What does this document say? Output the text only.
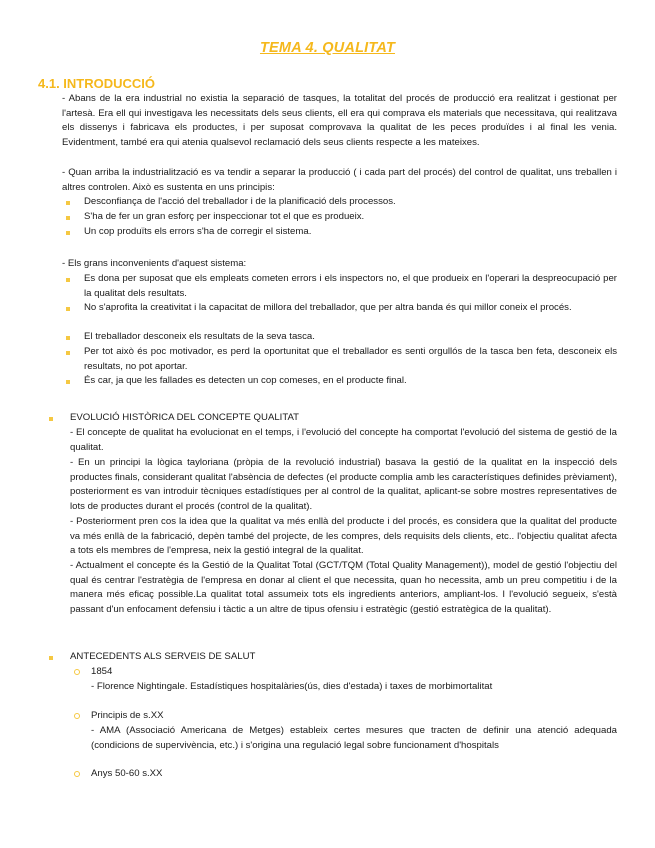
TEMA 4. QUALITAT
4.1. INTRODUCCIÓ
- Abans de la era industrial no existia la separació de tasques, la totalitat del procés de producció era realitzat i gestionat per l'artesà. Era ell qui investigava les necessitats dels seus clients, ell era qui comprava els materials que necessitava, qui realitzava els dissenys i fabricava els productes, i per suposat comprovava la qualitat de les peces produïdes i al final les venia. Evidentment, també era qui atenia qualsevol reclamació dels seus clients respecte a les mateixes.
- Quan arriba la industrialització es va tendir a separar la producció ( i cada part del procés) del control de qualitat, uns treballen i altres controlen. Això es sustenta en uns principis:
Desconfiança de l'acció del treballador i de la planificació dels processos.
S'ha de fer un gran esforç per inspeccionar tot el que es produeix.
Un cop produïts els errors s'ha de corregir el sistema.
- Els grans inconvenients d'aquest sistema:
Es dona per suposat que els empleats cometen errors i els inspectors no, el que produeix en l'operari la despreocupació per la qualitat dels resultats.
No s'aprofita la creativitat i la capacitat de millora del treballador, que per altra banda és qui millor coneix el procés.
El treballador desconeix els resultats de la seva tasca.
Per tot això és poc motivador, es perd la oportunitat que el treballador es senti orgullós de la tasca ben feta, desconeix els resultats, no pot aportar.
És car, ja que les fallades es detecten un cop comeses, en el producte final.
EVOLUCIÓ HISTÒRICA DEL CONCEPTE QUALITAT
- El concepte de qualitat ha evolucionat en el temps, i l'evolució del concepte ha comportat l'evolució del sistema de gestió de la qualitat.
- En un principi la lògica tayloriana (pròpia de la revolució industrial) basava la gestió de la qualitat en la inspecció dels productes finals, considerant qualitat l'absència de defectes (el producte complia amb les característiques definides prèviament), posteriorment es van introduir tècniques estadístiques per al control de la qualitat, aplicant-se sobre mostres representatives de lots de productes durant el procés (control de la qualitat).
- Posteriorment pren cos la idea que la qualitat va més enllà del producte i del procés, es considera que la qualitat del producte va més enllà de la fabricació, depèn també del projecte, de les compres, dels requisits dels clients, etc.. l'objectiu qualitat afecta a tots els membres de l'empresa, neix la gestió integral de la qualitat.
- Actualment el concepte és la Gestió de la Qualitat Total (GCT/TQM (Total Quality Management)), model de gestió l'objectiu del qual és centrar l'estratègia de l'empresa en donar al client el que necessita, quan ho necessita, amb un preu competitiu i de la manera més eficaç possible.La qualitat total assumeix tots els ingredients anteriors, ampliant-los. I l'evolució segueix, s'està passant d'un enfocament defensiu i tàctic a un altre de tipus ofensiu i estratègic (gestió estratègica de la qualitat).
ANTECEDENTS ALS SERVEIS DE SALUT
1854
- Florence Nightingale. Estadístiques hospitalàries(ús, dies d'estada) i taxes de morbimortalitat
Principis de s.XX
- AMA (Associació Americana de Metges) estableix certes mesures que tracten de definir una atenció adequada (condicions de supervivència, etc.) i s'origina una regulació legal sobre funcionament d'hospitals
Anys 50-60 s.XX
